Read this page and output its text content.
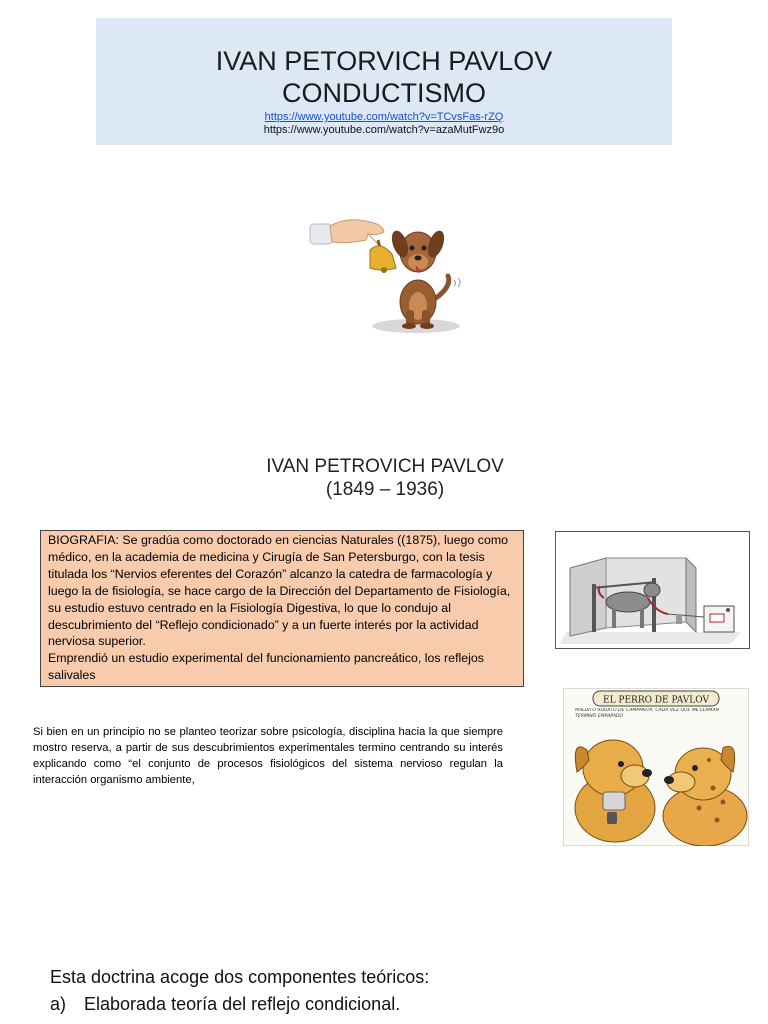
IVAN PETORVICH PAVLOV
CONDUCTISMO
https://www.youtube.com/watch?v=TCvsFas-rZQ
https://www.youtube.com/watch?v=azaMutFwz9o
IVAN PETROVICH PAVLOV
(1849 – 1936)

BIOGRAFIA: Se gradúa como doctorado en ciencias Naturales ((1875), luego como médico, en la academia de medicina y Cirugía de San Petersburgo, con la tesis titulada los “Nervios eferentes del Corazón” alcanzo la catedra de farmacología y luego la de fisiología, se hace cargo de la Dirección del Departamento de Fisiología, su estudio estuvo centrado en la Fisiología Digestiva, lo que lo condujo al descubrimiento del “Reflejo condicionado” y a un fuerte interés por la actividad nerviosa superior.

Emprendió un estudio experimental del funcionamiento pancreático, los reflejos salivales

EL PERRO DE PAVLOV
MALDITO RUIDITO DE CAMPANITA, CADA VEZ QUE ME LLAMAN TERMINO EMPAPADO
Si bien en un principio no se planteo teorizar sobre psicología, disciplina hacia la que siempre mostro reserva, a partir de sus descubrimientos experimentales termino centrando su interés explicando como “el conjunto de procesos fisiológicos del sistema nervioso regulan la interacción organismo ambiente,
Esta doctrina acoge dos componentes teóricos:
a) Elaborada teoría del reflejo condicional.
